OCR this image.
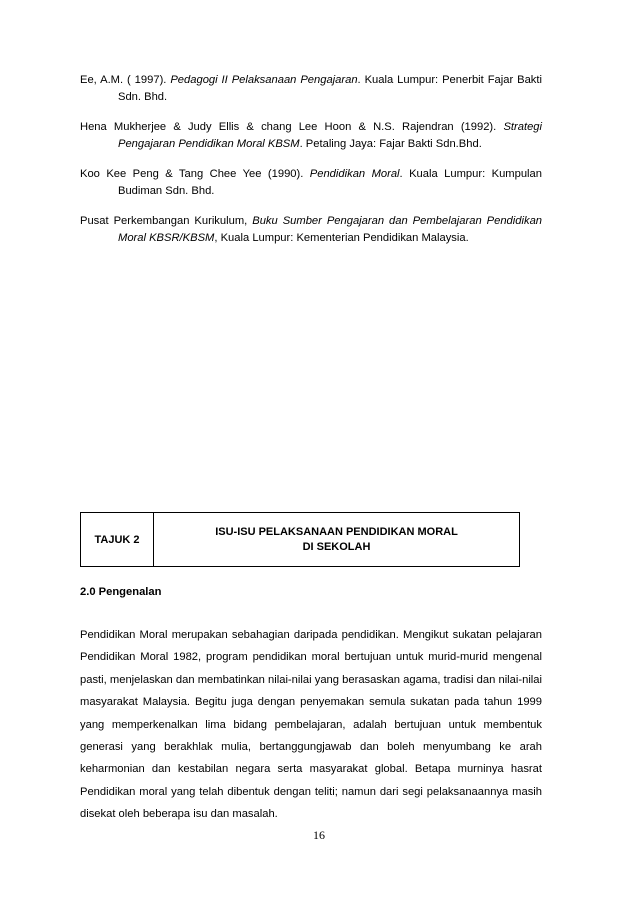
Ee, A.M. ( 1997). Pedagogi II Pelaksanaan Pengajaran. Kuala Lumpur: Penerbit Fajar Bakti Sdn. Bhd.

Hena Mukherjee & Judy Ellis & chang Lee Hoon & N.S. Rajendran (1992). Strategi Pengajaran Pendidikan Moral KBSM. Petaling Jaya: Fajar Bakti Sdn.Bhd.

Koo Kee Peng & Tang Chee Yee (1990). Pendidikan Moral. Kuala Lumpur: Kumpulan Budiman Sdn. Bhd.

Pusat Perkembangan Kurikulum, Buku Sumber Pengajaran dan Pembelajaran Pendidikan Moral KBSR/KBSM, Kuala Lumpur: Kementerian Pendidikan Malaysia.

TAJUK 2
ISU-ISU PELAKSANAAN PENDIDIKAN MORAL
DI SEKOLAH
2.0 Pengenalan
Pendidikan Moral merupakan sebahagian daripada pendidikan. Mengikut sukatan pelajaran Pendidikan Moral 1982, program pendidikan moral bertujuan untuk murid-murid mengenal pasti, menjelaskan dan membatinkan nilai-nilai yang berasaskan agama, tradisi dan nilai-nilai masyarakat Malaysia. Begitu juga dengan penyemakan semula sukatan pada tahun 1999 yang memperkenalkan lima bidang pembelajaran, adalah bertujuan untuk membentuk generasi yang berakhlak mulia, bertanggungjawab dan boleh menyumbang ke arah keharmonian dan kestabilan negara serta masyarakat global. Betapa murninya hasrat Pendidikan moral yang telah dibentuk dengan teliti; namun dari segi pelaksanaannya masih disekat oleh beberapa isu dan masalah.
16
